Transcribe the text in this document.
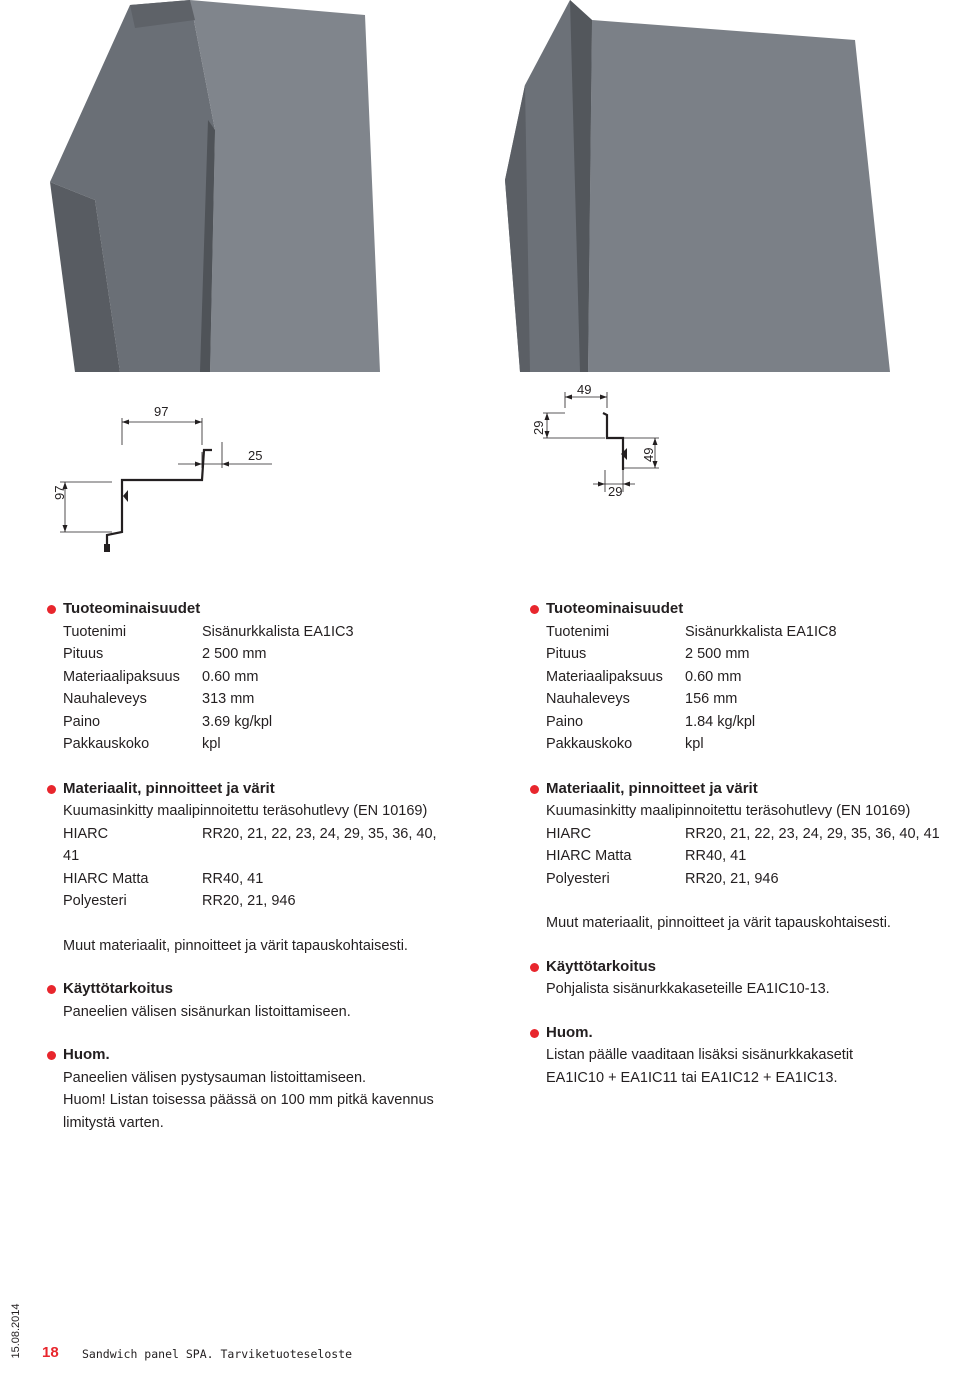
97
25
97
49
29
49
29
Tuoteominaisuudet
Tuotenimi	Sisänurkkalista EA1IC3
Pituus	2 500 mm
Materiaalipaksuus	0.60 mm
Nauhaleveys	313 mm
Paino	3.69 kg/kpl
Pakkauskoko	kpl
Materiaalit, pinnoitteet ja värit
Kuumasinkitty maalipinnoitettu teräsohutlevy (EN 10169)
HIARC	RR20, 21, 22, 23, 24, 29, 35, 36, 40,
41
HIARC Matta	RR40, 41
Polyesteri	RR20, 21, 946
Muut materiaalit, pinnoitteet ja värit tapauskohtaisesti.
Käyttötarkoitus
Paneelien välisen sisänurkan listoittamiseen.
Huom.
Paneelien välisen pystysauman listoittamiseen.
Huom! Listan toisessa päässä on 100 mm pitkä kavennus
limitystä varten.
Tuoteominaisuudet
Tuotenimi	Sisänurkkalista EA1IC8
Pituus	2 500 mm
Materiaalipaksuus	0.60 mm
Nauhaleveys	156 mm
Paino	1.84 kg/kpl
Pakkauskoko	kpl
Materiaalit, pinnoitteet ja värit
Kuumasinkitty maalipinnoitettu teräsohutlevy (EN 10169)
HIARC	RR20, 21, 22, 23, 24, 29, 35, 36, 40, 41
HIARC Matta	RR40, 41
Polyesteri	RR20, 21, 946
Muut materiaalit, pinnoitteet ja värit tapauskohtaisesti.
Käyttötarkoitus
Pohjalista sisänurkkakaseteille EA1IC10-13.
Huom.
Listan päälle vaaditaan lisäksi sisänurkkakasetit
EA1IC10 + EA1IC11 tai EA1IC12 + EA1IC13.
15.08.2014 18 Sandwich panel SPA. Tarviketuoteseloste
